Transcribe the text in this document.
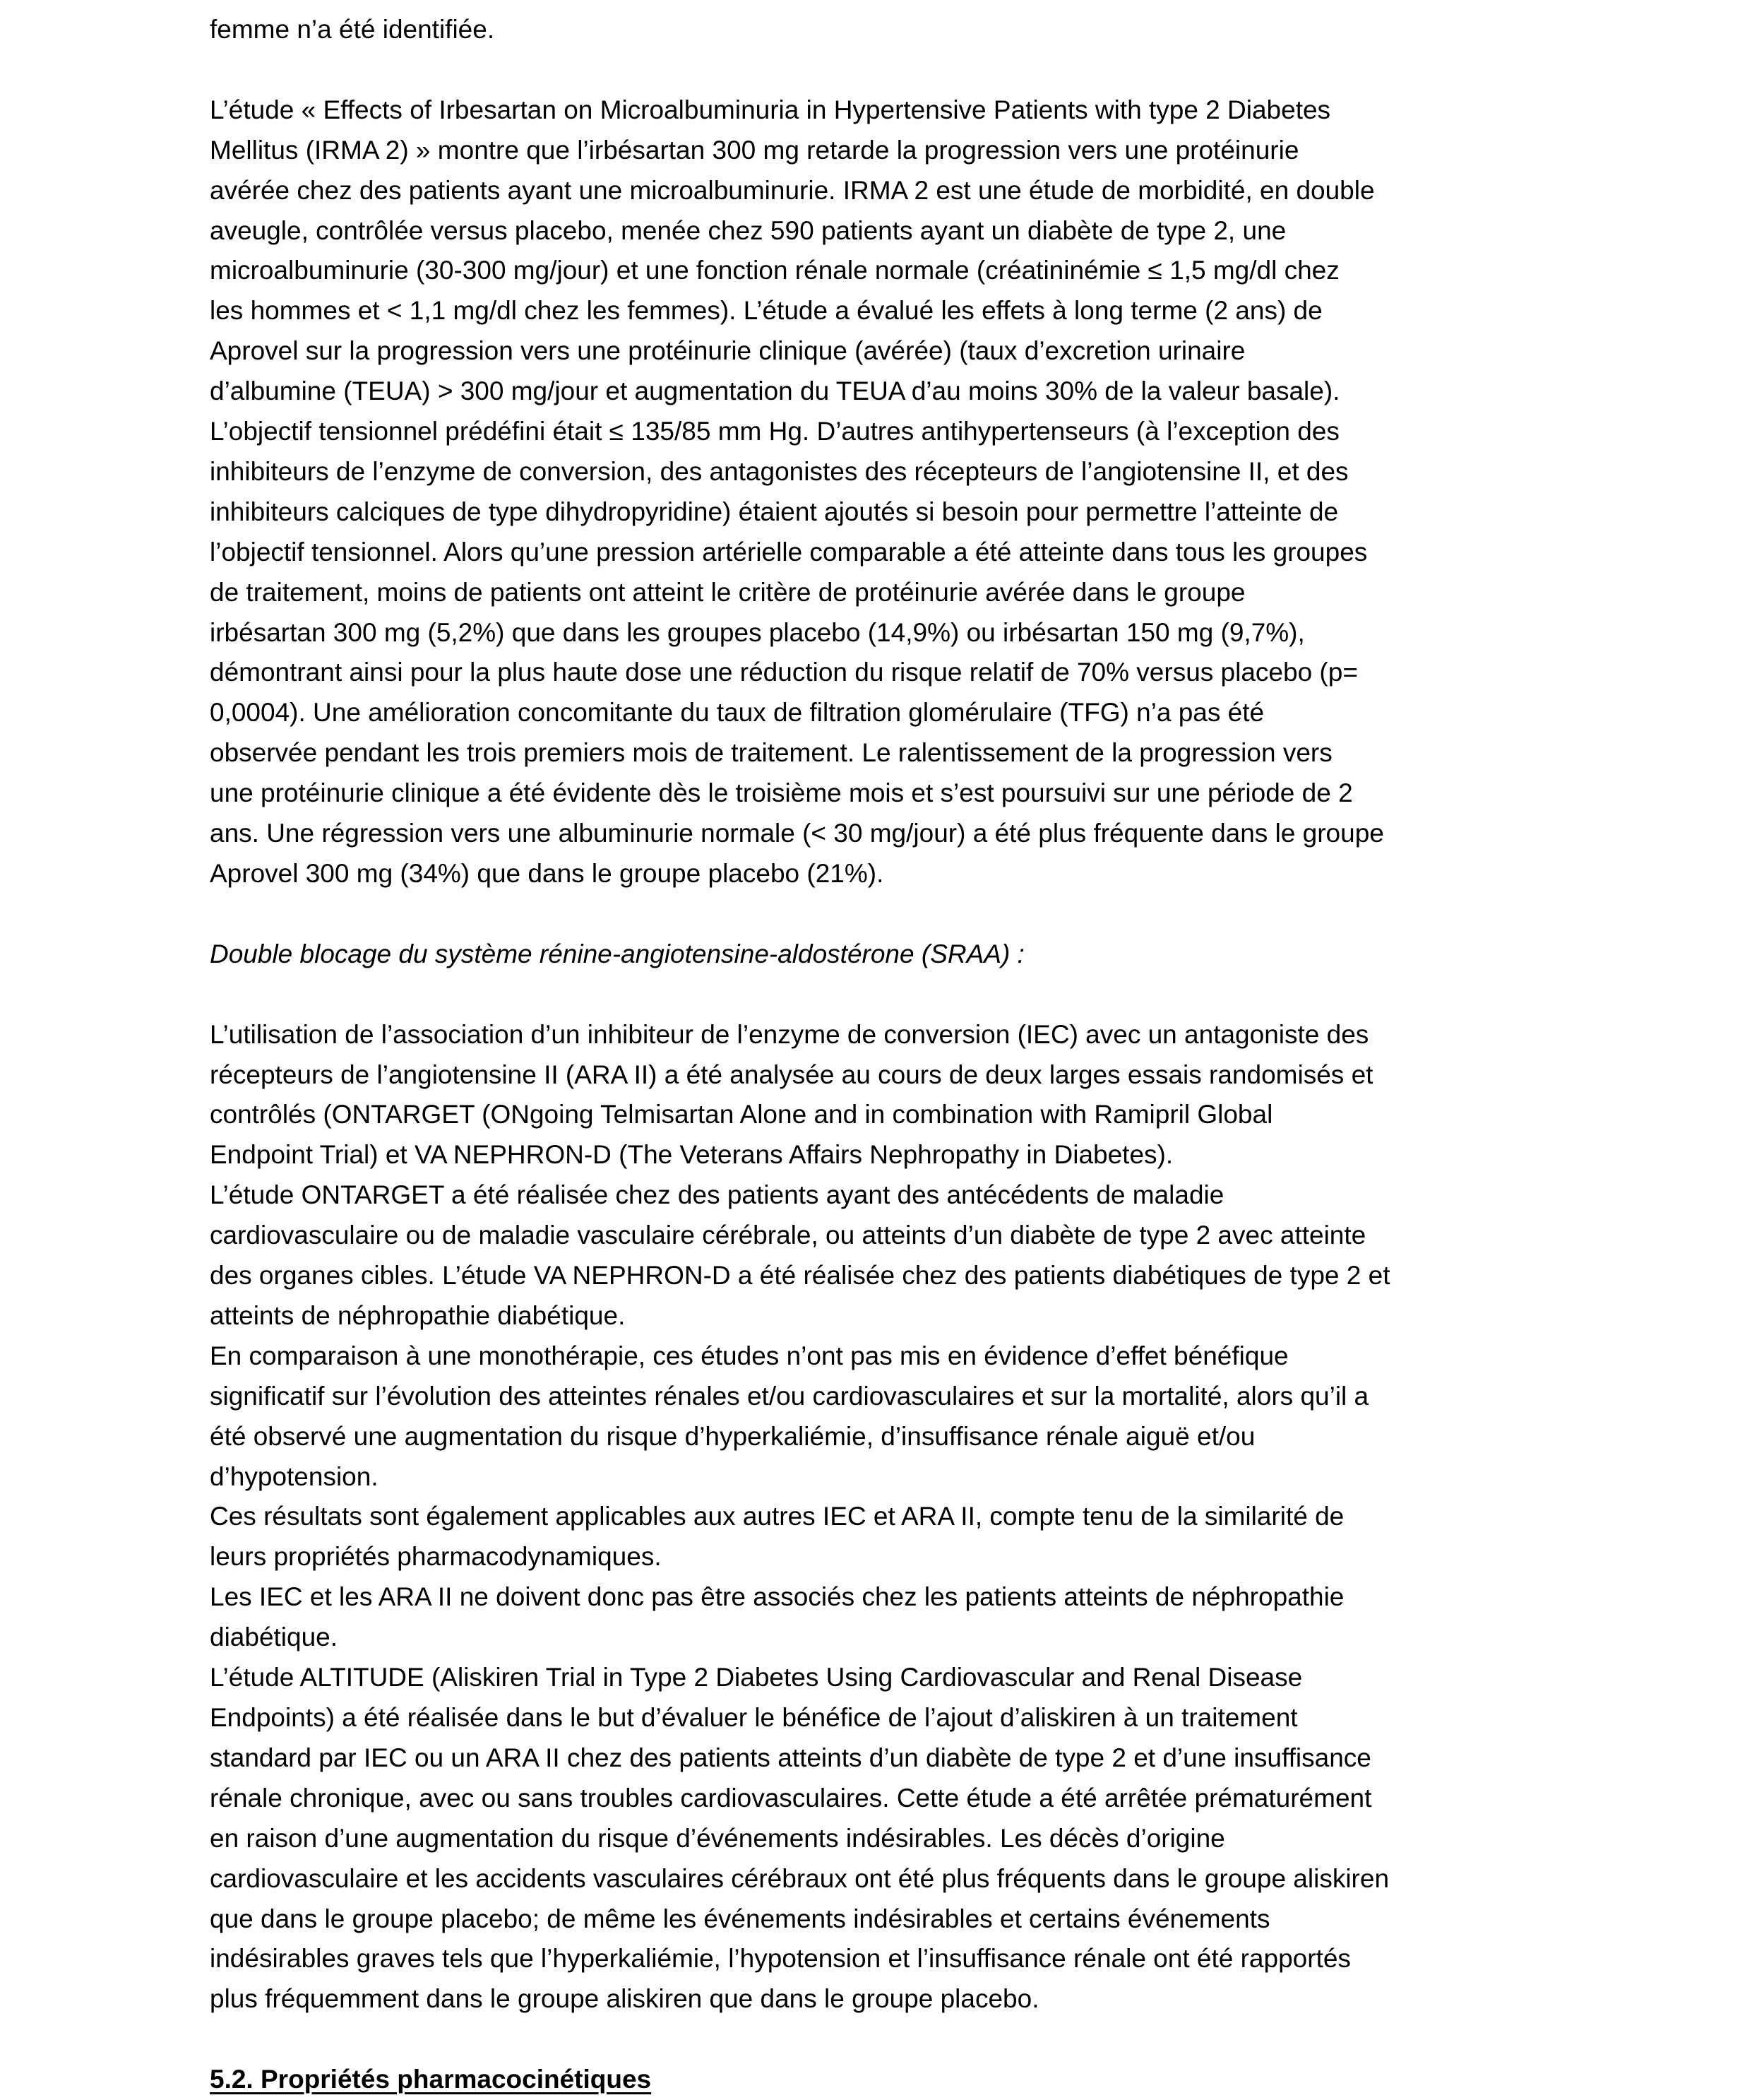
femme n’a été identifiée.

L’étude « Effects of Irbesartan on Microalbuminuria in Hypertensive Patients with type 2 Diabetes

Mellitus (IRMA 2) » montre que l’irbésartan 300 mg retarde la progression vers une protéinurie

avérée chez des patients ayant une microalbuminurie. IRMA 2 est une étude de morbidité, en double

aveugle, contrôlée versus placebo, menée chez 590 patients ayant un diabète de type 2, une

microalbuminurie (30-300 mg/jour) et une fonction rénale normale (créatininémie ≤ 1,5 mg/dl chez

les hommes et < 1,1 mg/dl chez les femmes). L’étude a évalué les effets à long terme (2 ans) de

Aprovel sur la progression vers une protéinurie clinique (avérée) (taux d’excretion urinaire

d’albumine (TEUA) > 300 mg/jour et augmentation du TEUA d’au moins 30% de la valeur basale).

L’objectif tensionnel prédéfini était ≤ 135/85 mm Hg. D’autres antihypertenseurs (à l’exception des

inhibiteurs de l’enzyme de conversion, des antagonistes des récepteurs de l’angiotensine II, et des

inhibiteurs calciques de type dihydropyridine) étaient ajoutés si besoin pour permettre l’atteinte de

l’objectif tensionnel. Alors qu’une pression artérielle comparable a été atteinte dans tous les groupes

de traitement, moins de patients ont atteint le critère de protéinurie avérée dans le groupe

irbésartan 300 mg (5,2%) que dans les groupes placebo (14,9%) ou irbésartan 150 mg (9,7%),

démontrant ainsi pour la plus haute dose une réduction du risque relatif de 70% versus placebo (p=

0,0004). Une amélioration concomitante du taux de filtration glomérulaire (TFG) n’a pas été

observée pendant les trois premiers mois de traitement. Le ralentissement de la progression vers

une protéinurie clinique a été évidente dès le troisième mois et s’est poursuivi sur une période de 2

ans. Une régression vers une albuminurie normale (< 30 mg/jour) a été plus fréquente dans le groupe

Aprovel 300 mg (34%) que dans le groupe placebo (21%).

Double blocage du système rénine-angiotensine-aldostérone (SRAA) :

L’utilisation de l’association d’un inhibiteur de l’enzyme de conversion (IEC) avec un antagoniste des

récepteurs de l’angiotensine II (ARA II) a été analysée au cours de deux larges essais randomisés et

contrôlés (ONTARGET (ONgoing Telmisartan Alone and in combination with Ramipril Global

Endpoint Trial) et VA NEPHRON-D (The Veterans Affairs Nephropathy in Diabetes).

L’étude ONTARGET a été réalisée chez des patients ayant des antécédents de maladie

cardiovasculaire ou de maladie vasculaire cérébrale, ou atteints d’un diabète de type 2 avec atteinte

des organes cibles. L’étude VA NEPHRON-D a été réalisée chez des patients diabétiques de type 2 et

atteints de néphropathie diabétique.

En comparaison à une monothérapie, ces études n’ont pas mis en évidence d’effet bénéfique

significatif sur l’évolution des atteintes rénales et/ou cardiovasculaires et sur la mortalité, alors qu’il a

été observé une augmentation du risque d’hyperkaliémie, d’insuffisance rénale aiguë et/ou

d’hypotension.

Ces résultats sont également applicables aux autres IEC et ARA II, compte tenu de la similarité de

leurs propriétés pharmacodynamiques.

Les IEC et les ARA II ne doivent donc pas être associés chez les patients atteints de néphropathie

diabétique.

L’étude ALTITUDE (Aliskiren Trial in Type 2 Diabetes Using Cardiovascular and Renal Disease

Endpoints) a été réalisée dans le but d’évaluer le bénéfice de l’ajout d’aliskiren à un traitement

standard par IEC ou un ARA II chez des patients atteints d’un diabète de type 2 et d’une insuffisance

rénale chronique, avec ou sans troubles cardiovasculaires. Cette étude a été arrêtée prématurément

en raison d’une augmentation du risque d’événements indésirables. Les décès d’origine

cardiovasculaire et les accidents vasculaires cérébraux ont été plus fréquents dans le groupe aliskiren

que dans le groupe placebo; de même les événements indésirables et certains événements

indésirables graves tels que l’hyperkaliémie, l’hypotension et l’insuffisance rénale ont été rapportés

plus fréquemment dans le groupe aliskiren que dans le groupe placebo.

5.2. Propriétés pharmacocinétiques
